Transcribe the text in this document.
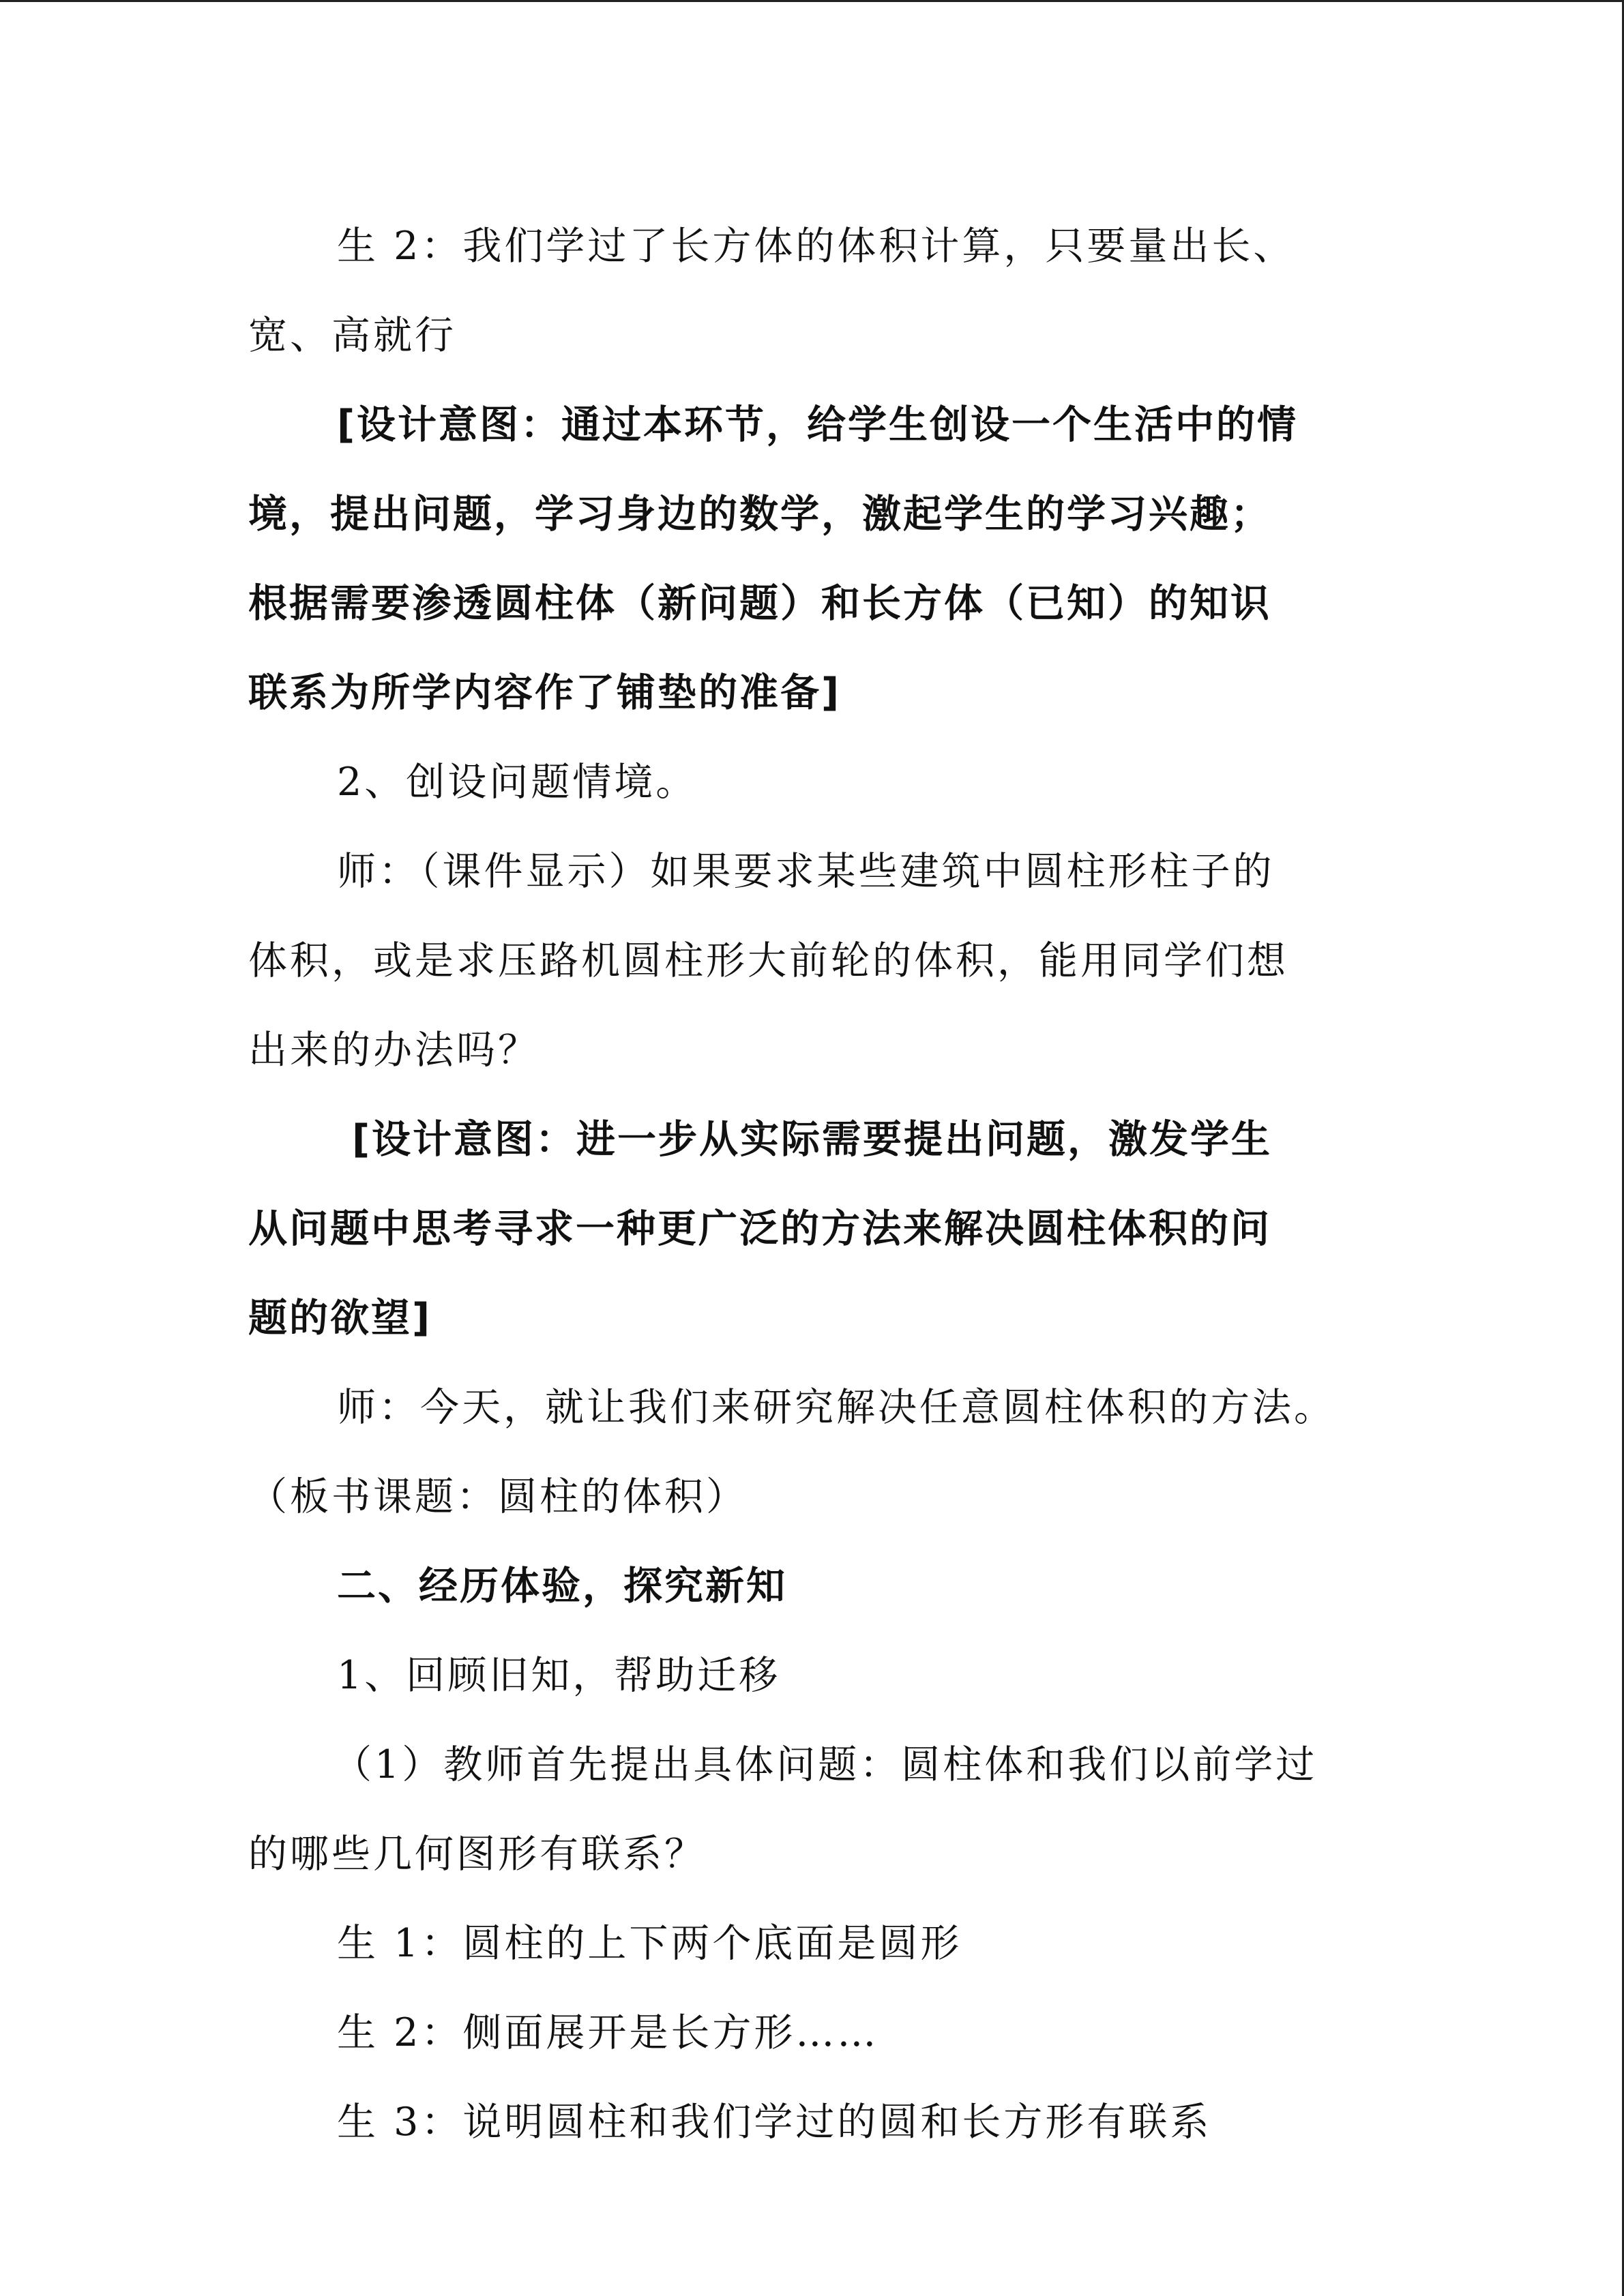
生 2：我们学过了长方体的体积计算，只要量出长、
宽、高就行
[设计意图：通过本环节，给学生创设一个生活中的情
境，提出问题，学习身边的数学，激起学生的学习兴趣；
根据需要渗透圆柱体（新问题）和长方体（已知）的知识
联系为所学内容作了铺垫的准备]
2、创设问题情境。
师：（课件显示）如果要求某些建筑中圆柱形柱子的
体积，或是求压路机圆柱形大前轮的体积，能用同学们想
出来的办法吗？
[设计意图：进一步从实际需要提出问题，激发学生
从问题中思考寻求一种更广泛的方法来解决圆柱体积的问
题的欲望]
师：今天，就让我们来研究解决任意圆柱体积的方法。
（板书课题：圆柱的体积）
二、经历体验，探究新知
1、回顾旧知，帮助迁移
（1）教师首先提出具体问题：圆柱体和我们以前学过
的哪些几何图形有联系？
生 1：圆柱的上下两个底面是圆形
生 2：侧面展开是长方形……
生 3：说明圆柱和我们学过的圆和长方形有联系
